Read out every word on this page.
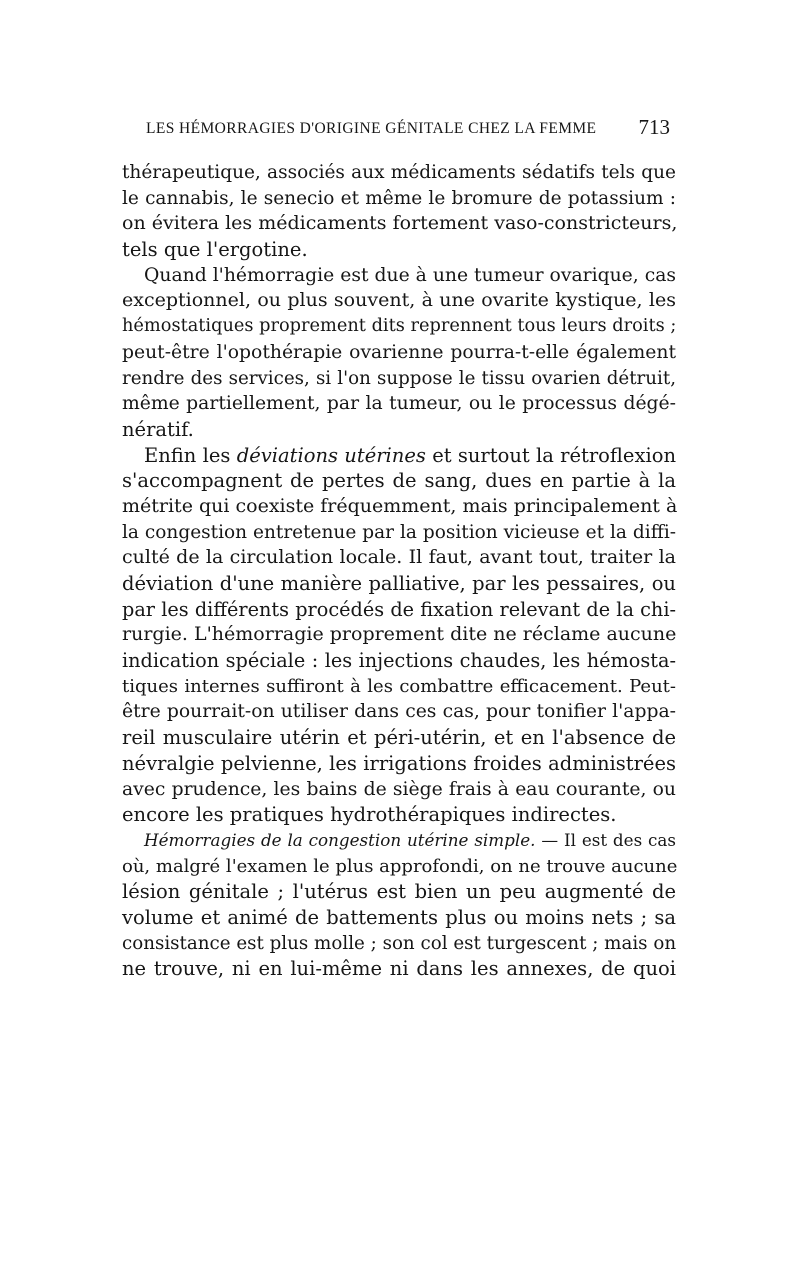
LES HÉMORRAGIES D'ORIGINE GÉNITALE CHEZ LA FEMME 713
thérapeutique, associés aux médicaments sédatifs tels que
le cannabis, le senecio et même le bromure de potassium :
on évitera les médicaments fortement vaso-constricteurs,
tels que l'ergotine.
Quand l'hémorragie est due à une tumeur ovarique, cas
exceptionnel, ou plus souvent, à une ovarite kystique, les
hémostatiques proprement dits reprennent tous leurs droits ;
peut-être l'opothérapie ovarienne pourra-t-elle également
rendre des services, si l'on suppose le tissu ovarien détruit,
même partiellement, par la tumeur, ou le processus dégé-
nératif.
Enfin les déviations utérines et surtout la rétroflexion
s'accompagnent de pertes de sang, dues en partie à la
métrite qui coexiste fréquemment, mais principalement à
la congestion entretenue par la position vicieuse et la diffi-
culté de la circulation locale. Il faut, avant tout, traiter la
déviation d'une manière palliative, par les pessaires, ou
par les différents procédés de fixation relevant de la chi-
rurgie. L'hémorragie proprement dite ne réclame aucune
indication spéciale : les injections chaudes, les hémosta-
tiques internes suffiront à les combattre efficacement. Peut-
être pourrait-on utiliser dans ces cas, pour tonifier l'appa-
reil musculaire utérin et péri-utérin, et en l'absence de
névralgie pelvienne, les irrigations froides administrées
avec prudence, les bains de siège frais à eau courante, ou
encore les pratiques hydrothérapiques indirectes.
Hémorragies de la congestion utérine simple. — Il est des cas
où, malgré l'examen le plus approfondi, on ne trouve aucune
lésion génitale ; l'utérus est bien un peu augmenté de
volume et animé de battements plus ou moins nets ; sa
consistance est plus molle ; son col est turgescent ; mais on
ne trouve, ni en lui-même ni dans les annexes, de quoi
